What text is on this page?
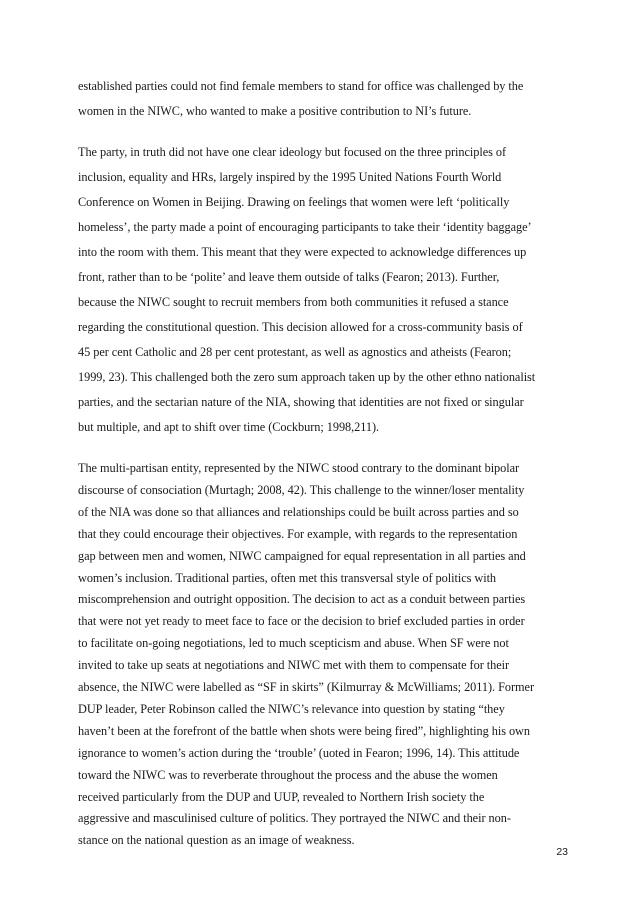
established parties could not find female members to stand for office was challenged by the
women in the NIWC, who wanted to make a positive contribution to NI’s future.
The party, in truth did not have one clear ideology but focused on the three principles of
inclusion, equality and HRs, largely inspired by the 1995 United Nations Fourth World
Conference on Women in Beijing. Drawing on feelings that women were left ‘politically
homeless’, the party made a point of encouraging participants to take their ‘identity baggage’
into the room with them. This meant that they were expected to acknowledge differences up
front, rather than to be ‘polite’ and leave them outside of talks (Fearon; 2013). Further,
because the NIWC sought to recruit members from both communities it refused a stance
regarding the constitutional question. This decision allowed for a cross-community basis of
45 per cent Catholic and 28 per cent protestant, as well as agnostics and atheists (Fearon;
1999, 23). This challenged both the zero sum approach taken up by the other ethno nationalist
parties, and the sectarian nature of the NIA, showing that identities are not fixed or singular
but multiple, and apt to shift over time (Cockburn; 1998,211).
23
The multi-partisan entity, represented by the NIWC stood contrary to the dominant bipolar
discourse of consociation (Murtagh; 2008, 42). This challenge to the winner/loser mentality
of the NIA was done so that alliances and relationships could be built across parties and so
that they could encourage their objectives. For example, with regards to the representation
gap between men and women, NIWC campaigned for equal representation in all parties and
women’s inclusion. Traditional parties, often met this transversal style of politics with
miscomprehension and outright opposition. The decision to act as a conduit between parties
that were not yet ready to meet face to face or the decision to brief excluded parties in order
to facilitate on-going negotiations, led to much scepticism and abuse. When SF were not
invited to take up seats at negotiations and NIWC met with them to compensate for their
absence, the NIWC were labelled as “SF in skirts” (Kilmurray & McWilliams; 2011). Former
DUP leader, Peter Robinson called the NIWC’s relevance into question by stating “they
haven’t been at the forefront of the battle when shots were being fired”, highlighting his own
ignorance to women’s action during the ‘trouble’ (uoted in Fearon; 1996, 14). This attitude
toward the NIWC was to reverberate throughout the process and the abuse the women
received particularly from the DUP and UUP, revealed to Northern Irish society the
aggressive and masculinised culture of politics. They portrayed the NIWC and their non-
stance on the national question as an image of weakness.
